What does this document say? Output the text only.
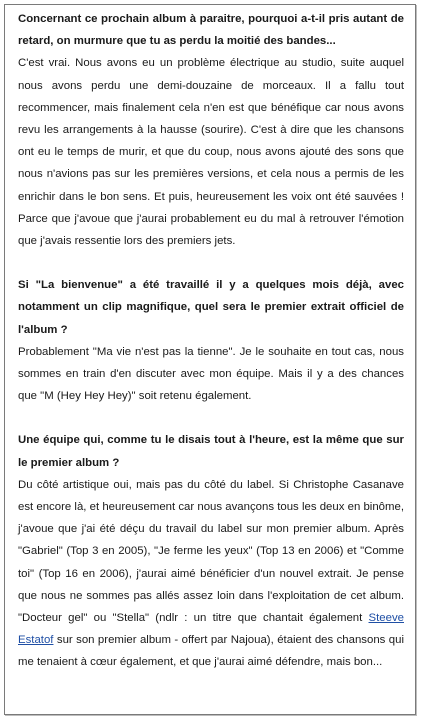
Concernant ce prochain album à paraitre, pourquoi a-t-il pris autant de retard, on murmure que tu as perdu la moitié des bandes...
C'est vrai. Nous avons eu un problème électrique au studio, suite auquel nous avons perdu une demi-douzaine de morceaux. Il a fallu tout recommencer, mais finalement cela n'en est que bénéfique car nous avons revu les arrangements à la hausse (sourire). C'est à dire que les chansons ont eu le temps de murir, et que du coup, nous avons ajouté des sons que nous n'avions pas sur les premières versions, et cela nous a permis de les enrichir dans le bon sens. Et puis, heureusement les voix ont été sauvées ! Parce que j'avoue que j'aurai probablement eu du mal à retrouver l'émotion que j'avais ressentie lors des premiers jets.
Si "La bienvenue" a été travaillé il y a quelques mois déjà, avec notamment un clip magnifique, quel sera le premier extrait officiel de l'album ?
Probablement "Ma vie n'est pas la tienne". Je le souhaite en tout cas, nous sommes en train d'en discuter avec mon équipe. Mais il y a des chances que "M (Hey Hey Hey)" soit retenu également.
Une équipe qui, comme tu le disais tout à l'heure, est la même que sur le premier album ?
Du côté artistique oui, mais pas du côté du label. Si Christophe Casanave est encore là, et heureusement car nous avançons tous les deux en binôme, j'avoue que j'ai été déçu du travail du label sur mon premier album. Après "Gabriel" (Top 3 en 2005), "Je ferme les yeux" (Top 13 en 2006) et "Comme toi" (Top 16 en 2006), j'aurai aimé bénéficier d'un nouvel extrait. Je pense que nous ne sommes pas allés assez loin dans l'exploitation de cet album. "Docteur gel" ou "Stella" (ndlr : un titre que chantait également Steeve Estatof sur son premier album - offert par Najoua), étaient des chansons qui me tenaient à cœur également, et que j'aurai aimé défendre, mais bon...
